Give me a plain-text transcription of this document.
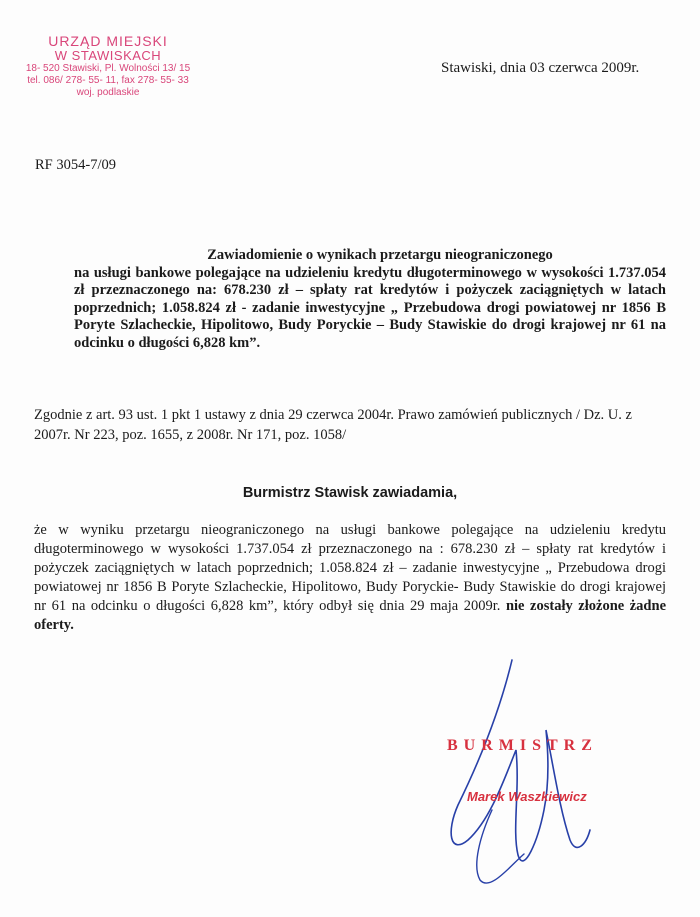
URZĄD MIEJSKI
W STAWISKACH
18- 520 Stawiski, Pl. Wolności 13/ 15
tel. 086/ 278- 55- 11, fax 278- 55- 33
woj. podlaskie
Stawiski, dnia 03 czerwca 2009r.
RF 3054-7/09
Zawiadomienie o wynikach przetargu nieograniczonego
na usługi bankowe polegające na udzieleniu kredytu długoterminowego w wysokości 1.737.054 zł przeznaczonego na: 678.230 zł – spłaty rat kredytów i pożyczek zaciągniętych w latach poprzednich; 1.058.824 zł - zadanie inwestycyjne „ Przebudowa drogi powiatowej nr 1856 B Poryte Szlacheckie, Hipolitowo, Budy Poryckie – Budy Stawiskie do drogi krajowej nr 61 na odcinku o długości 6,828 km”.
Zgodnie z art. 93 ust. 1 pkt 1 ustawy z dnia 29 czerwca 2004r. Prawo zamówień publicznych / Dz. U. z 2007r. Nr 223, poz. 1655, z 2008r. Nr 171, poz. 1058/
Burmistrz Stawisk zawiadamia,
że w wyniku przetargu nieograniczonego na usługi bankowe polegające na udzieleniu kredytu długoterminowego w wysokości 1.737.054 zł przeznaczonego na : 678.230 zł – spłaty rat kredytów i pożyczek zaciągniętych w latach poprzednich; 1.058.824 zł – zadanie inwestycyjne „ Przebudowa drogi powiatowej nr 1856 B Poryte Szlacheckie, Hipolitowo, Budy Poryckie- Budy Stawiskie do drogi krajowej nr 61 na odcinku o długości 6,828 km”, który odbył się dnia 29 maja 2009r. nie zostały złożone żadne oferty.
BURMISTRZ
Marek Waszkiewicz
